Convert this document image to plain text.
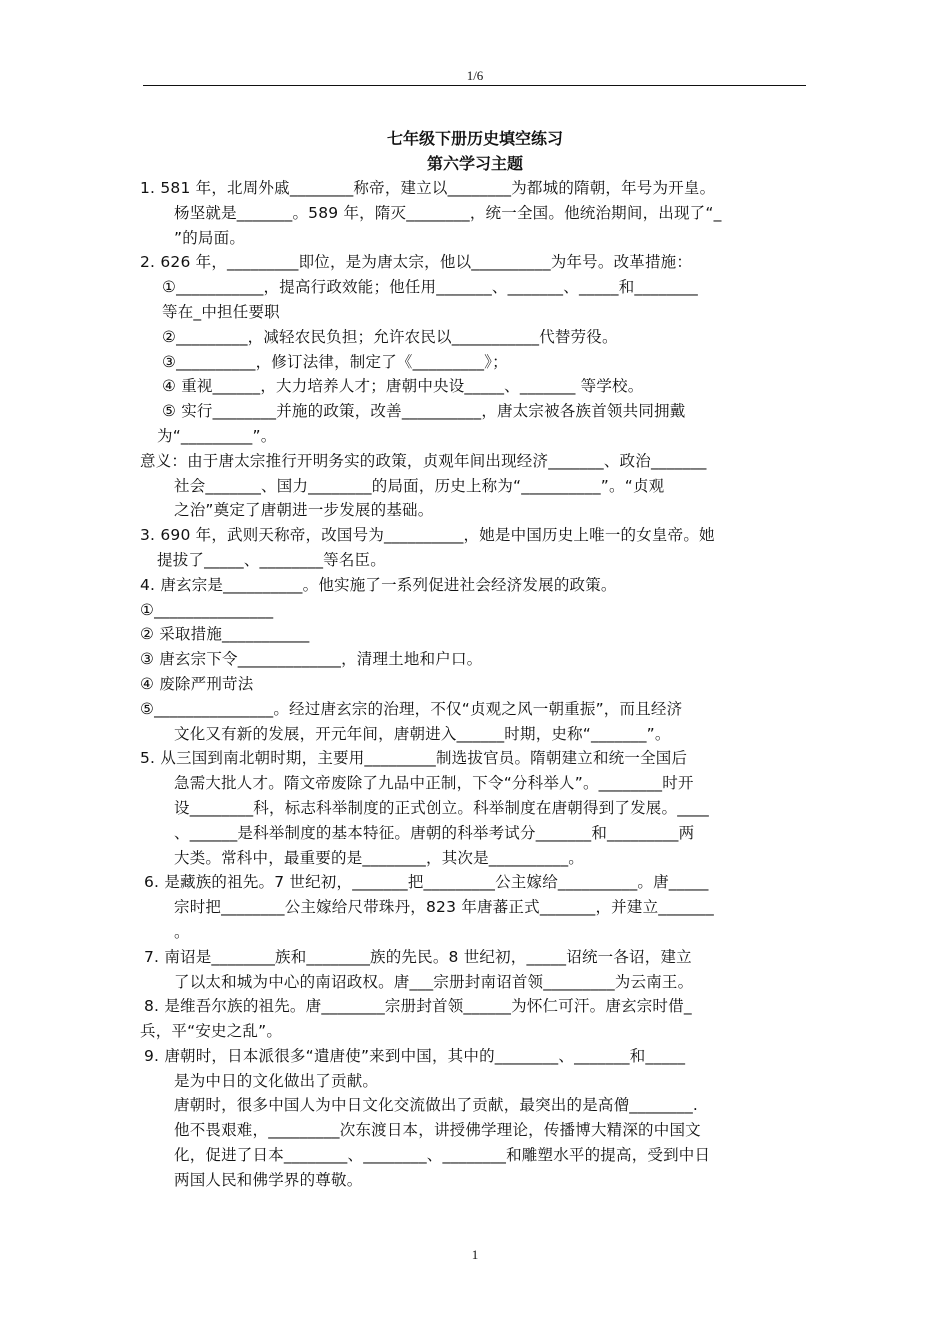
1/6
七年级下册历史填空练习
第六学习主题
1. 581 年，北周外戚________称帝，建立以________为都城的隋朝，年号为开皇。
杨坚就是_______。589 年，隋灭________，统一全国。他统治期间，出现了“_
”的局面。
2. 626 年，_________即位，是为唐太宗，他以__________为年号。改革措施：
①___________，提高行政效能；他任用_______、_______、_____和________
等在_中担任要职
②_________，减轻农民负担；允许农民以___________代替劳役。
③__________，修订法律，制定了《_________》；
④ 重视______，大力培养人才；唐朝中央设_____、_______ 等学校。
⑤ 实行________并施的政策，改善__________，唐太宗被各族首领共同拥戴
为“_________”。
意义：由于唐太宗推行开明务实的政策，贞观年间出现经济_______、政治_______
社会_______、国力________的局面，历史上称为“__________”。“贞观
之治”奠定了唐朝进一步发展的基础。
3. 690 年，武则天称帝，改国号为__________，她是中国历史上唯一的女皇帝。她
提拔了_____、________等名臣。
4. 唐玄宗是__________。他实施了一系列促进社会经济发展的政策。
①_______________
② 采取措施___________
③ 唐玄宗下令_____________，清理土地和户口。
④ 废除严刑苛法
⑤_______________。经过唐玄宗的治理，不仅“贞观之风一朝重振”，而且经济
文化又有新的发展，开元年间，唐朝进入______时期，史称“_______”。
5. 从三国到南北朝时期，主要用_________制选拔官员。隋朝建立和统一全国后
急需大批人才。隋文帝废除了九品中正制，下令“分科举人”。________时开
设________科，标志科举制度的正式创立。科举制度在唐朝得到了发展。____
、______是科举制度的基本特征。唐朝的科举考试分_______和_________两
大类。常科中，最重要的是________，其次是__________。
6. 是藏族的祖先。7 世纪初，_______把_________公主嫁给__________。唐_____
宗时把________公主嫁给尺带珠丹，823 年唐蕃正式_______，并建立_______
。
7. 南诏是________族和________族的先民。8 世纪初，_____诏统一各诏，建立
了以太和城为中心的南诏政权。唐___宗册封南诏首领_________为云南王。
8. 是维吾尔族的祖先。唐________宗册封首领______为怀仁可汗。唐玄宗时借_
兵，平“安史之乱”。
9. 唐朝时，日本派很多“遣唐使”来到中国，其中的________、_______和_____
是为中日的文化做出了贡献。
唐朝时，很多中国人为中日文化交流做出了贡献，最突出的是高僧________.
他不畏艰难，_________次东渡日本，讲授佛学理论，传播博大精深的中国文
化，促进了日本________、________、________和雕塑水平的提高，受到中日
两国人民和佛学界的尊敬。
1
